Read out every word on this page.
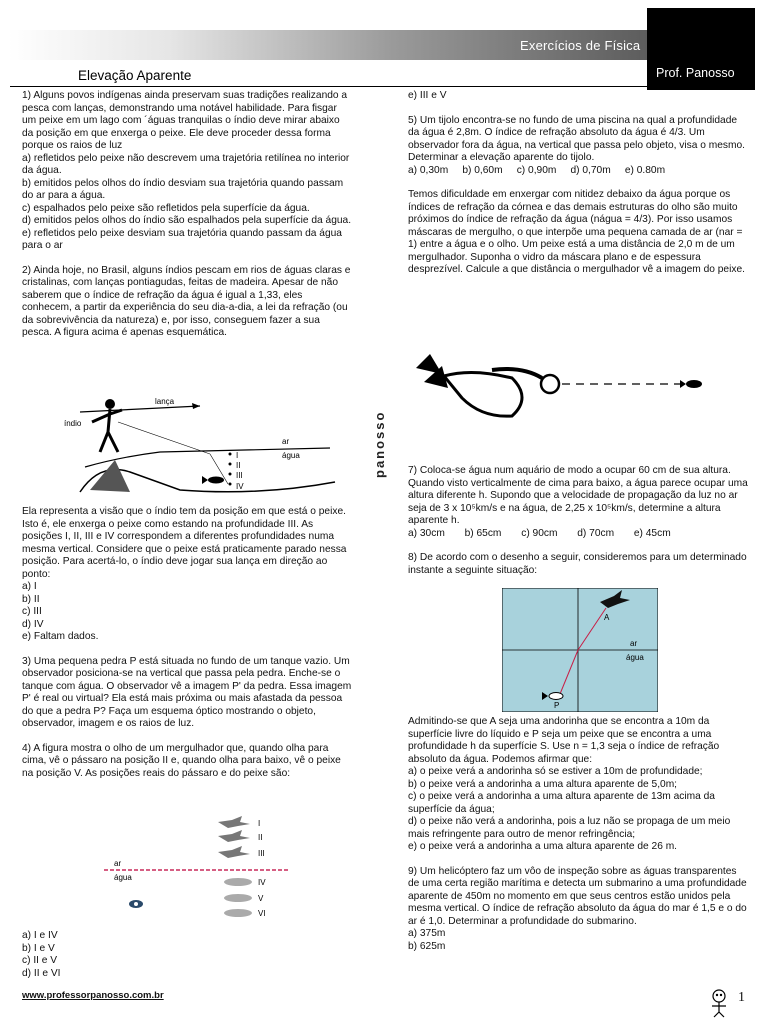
Exercícios de Física
Prof. Panosso
Elevação Aparente

1) Alguns povos indígenas ainda preservam suas tradições realizando a pesca com lanças, demonstrando uma notável habilidade. Para fisgar um peixe em um lago com ´águas tranquilas o índio deve mirar abaixo da posição em que enxerga o peixe. Ele deve proceder dessa forma porque os raios de luz

a) refletidos pelo peixe não descrevem uma trajetória retilínea no interior da água.

b) emitidos pelos olhos do índio desviam sua trajetória quando passam do ar para a água.

c) espalhados pelo peixe são refletidos pela superfície da água.

d) emitidos pelos olhos do índio são espalhados pela superfície da água.

e) refletidos pelo peixe desviam sua trajetória quando passam da água para o ar

2) Ainda hoje, no Brasil, alguns índios pescam em rios de águas claras e cristalinas, com lanças pontiagudas, feitas de madeira. Apesar de não saberem que o índice de refração da água é igual a 1,33, eles conhecem, a partir da experiência do seu dia-a-dia, a lei da refração (ou da sobrevivência da natureza) e, por isso, conseguem fazer a sua pesca. A figura acima é apenas esquemática.

lança
índio
ar
água
I
II
III
IV

Ela representa a visão que o índio tem da posição em que está o peixe. Isto é, ele enxerga o peixe como estando na profundidade III. As posições I, II, III e IV correspondem a diferentes profundidades numa mesma vertical. Considere que o peixe está praticamente parado nessa posição. Para acertá-lo, o índio deve jogar sua lança em direção ao ponto:

a) I

b) II

c) III

d) IV

e) Faltam dados.

3) Uma pequena pedra P está situada no fundo de um tanque vazio. Um observador posiciona-se na vertical que passa pela pedra. Enche-se o tanque com água. O observador vê a imagem P' da pedra. Essa imagem P' é real ou virtual? Ela está mais próxima ou mais afastada da pessoa do que a pedra P? Faça um esquema óptico mostrando o objeto, observador, imagem e os raios de luz.

4) A figura mostra o olho de um mergulhador que, quando olha para cima, vê o pássaro na posição II e, quando olha para baixo, vê o peixe na posição V. As posições reais do pássaro e do peixe são:

ar
água
I
II
III
IV
V
VI

a) I e IV

b) I e V

c) II e V

d) II e VI

e) III e V

5) Um tijolo encontra-se no fundo de uma piscina na qual a profundidade da água é 2,8m. O índice de refração absoluto da água é 4/3. Um observador fora da água, na vertical que passa pelo objeto, visa o mesmo. Determinar a elevação aparente do tijolo.

a) 0,30m     b) 0,60m     c) 0,90m     d) 0,70m     e) 0.80m

Temos dificuldade em enxergar com nitidez debaixo da água porque os índices de refração da córnea e das demais estruturas do olho são muito próximos do índice de refração da água (nágua = 4/3). Por isso usamos máscaras de mergulho, o que interpõe uma pequena camada de ar (nar = 1) entre a água e o olho. Um peixe está a uma distância de 2,0 m de um mergulhador. Suponha o vidro da máscara plano e de espessura desprezível. Calcule a que distância o mergulhador vê a imagem do peixe.

panosso 7) Coloca-se água num aquário de modo a ocupar 60 cm de sua altura. Quando visto verticalmente de cima para baixo, a água parece ocupar uma altura diferente h. Supondo que a velocidade de propagação da luz no ar seja de 3 x 10⁵km/s e na água, de 2,25 x 10⁵km/s, determine a altura aparente h.

a) 30cm       b) 65cm       c) 90cm       d) 70cm       e) 45cm

8) De acordo com o desenho a seguir, consideremos para um determinado instante a seguinte situação:

A
P
ar
água

Admitindo-se que A seja uma andorinha que se encontra a 10m da superfície livre do líquido e P seja um peixe que se encontra a uma profundidade h da superfície S. Use n = 1,3 seja o índice de refração absoluto da água. Podemos afirmar que:

a) o peixe verá a andorinha só se estiver a 10m de profundidade;

b) o peixe verá a andorinha a uma altura aparente de 5,0m;

c) o peixe verá a andorinha a uma altura aparente de 13m acima da superfície da água;

d) o peixe não verá a andorinha, pois a luz não se propaga de um meio mais refringente para outro de menor refringência;

e) o peixe verá a andorinha a uma altura aparente de 26 m.

9) Um helicóptero faz um vôo de inspeção sobre as águas transparentes de uma certa região marítima e detecta um submarino a uma profundidade aparente de 450m no momento em que seus centros estão unidos pela mesma vertical. O índice de refração absoluto da água do mar é 1,5 e o do ar é 1,0. Determinar a profundidade do submarino.

a) 375m

b) 625m

www.professorpanosso.com.br	1
